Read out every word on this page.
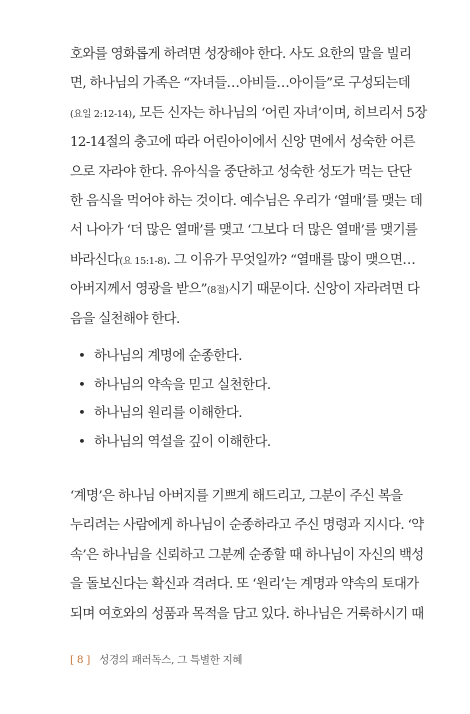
호와를 영화롭게 하려면 성장해야 한다. 사도 요한의 말을 빌리
면, 하나님의 가족은 “자녀들…아비들…아이들”로 구성되는데
(요일 2:12-14), 모든 신자는 하나님의 ‘어린 자녀’이며, 히브리서 5장
12-14절의 충고에 따라 어린아이에서 신앙 면에서 성숙한 어른
으로 자라야 한다. 유아식을 중단하고 성숙한 성도가 먹는 단단
한 음식을 먹어야 하는 것이다. 예수님은 우리가 ‘열매’를 맺는 데
서 나아가 ‘더 많은 열매’를 맺고 ‘그보다 더 많은 열매’를 맺기를
바라신다(요 15:1-8). 그 이유가 무엇일까? “열매를 많이 맺으면…
아버지께서 영광을 받으”(8절)시기 때문이다. 신앙이 자라려면 다
음을 실천해야 한다.
• 하나님의 계명에 순종한다.
• 하나님의 약속을 믿고 실천한다.
• 하나님의 원리를 이해한다.
• 하나님의 역설을 깊이 이해한다.
‘계명’은 하나님 아버지를 기쁘게 해드리고, 그분이 주신 복을
누리려는 사람에게 하나님이 순종하라고 주신 명령과 지시다. ‘약
속’은 하나님을 신뢰하고 그분께 순종할 때 하나님이 자신의 백성
을 돌보신다는 확신과 격려다. 또 ‘원리’는 계명과 약속의 토대가
되며 여호와의 성품과 목적을 담고 있다. 하나님은 거룩하시기 때
[ 8 ] 성경의 패러독스, 그 특별한 지혜
